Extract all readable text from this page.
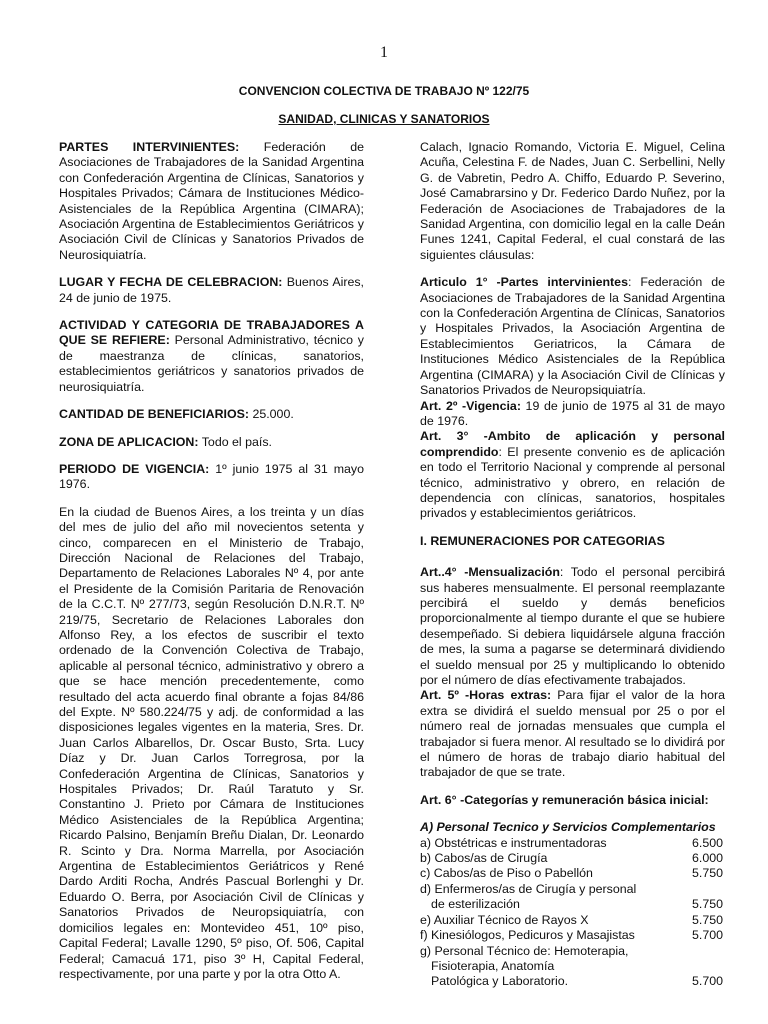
1
CONVENCION COLECTIVA DE TRABAJO Nº 122/75
SANIDAD, CLINICAS Y SANATORIOS

PARTES INTERVINIENTES: Federación de Asociaciones de Trabajadores de la Sanidad Argentina con Confederación Argentina de Clínicas, Sanatorios y Hospitales Privados; Cámara de Instituciones Médico-Asistenciales de la República Argentina (CIMARA); Asociación Argentina de Establecimientos Geriátricos y Asociación Civil de Clínicas y Sanatorios Privados de Neurosiquiatría.

LUGAR Y FECHA DE CELEBRACION: Buenos Aires, 24 de junio de 1975.

ACTIVIDAD Y CATEGORIA DE TRABAJADORES A QUE SE REFIERE: Personal Administrativo, técnico y de maestranza de clínicas, sanatorios, establecimientos geriátricos y sanatorios privados de neurosiquiatría.

CANTIDAD DE BENEFICIARIOS: 25.000.

ZONA DE APLICACION: Todo el país.

PERIODO DE VIGENCIA: 1º junio 1975 al 31 mayo 1976.

En la ciudad de Buenos Aires, a los treinta y un días del mes de julio del año mil novecientos setenta y cinco, comparecen en el Ministerio de Trabajo, Dirección Nacional de Relaciones del Trabajo, Departamento de Relaciones Laborales Nº 4, por ante el Presidente de la Comisión Paritaria de Renovación de la C.C.T. Nº 277/73, según Resolución D.N.R.T. Nº 219/75, Secretario de Relaciones Laborales don Alfonso Rey, a los efectos de suscribir el texto ordenado de la Convención Colectiva de Trabajo, aplicable al personal técnico, administrativo y obrero a que se hace mención precedentemente, como resultado del acta acuerdo final obrante a fojas 84/86 del Expte. Nº 580.224/75 y adj. de conformidad a las disposiciones legales vigentes en la materia, Sres. Dr. Juan Carlos Albarellos, Dr. Oscar Busto, Srta. Lucy Díaz y Dr. Juan Carlos Torregrosa, por la Confederación Argentina de Clínicas, Sanatorios y Hospitales Privados; Dr. Raúl Taratuto y Sr. Constantino J. Prieto por Cámara de Instituciones Médico Asistenciales de la República Argentina; Ricardo Palsino, Benjamín Breñu Dialan, Dr. Leonardo R. Scinto y Dra. Norma Marrella, por Asociación Argentina de Establecimientos Geriátricos y René Dardo Arditi Rocha, Andrés Pascual Borlenghi y Dr. Eduardo O. Berra, por Asociación Civil de Clínicas y Sanatorios Privados de Neuropsiquiatría, con domicilios legales en: Montevideo 451, 10º piso, Capital Federal; Lavalle 1290, 5º piso, Of. 506, Capital Federal; Camacuá 171, piso 3º H, Capital Federal, respectivamente, por una parte y por la otra Otto A.

Calach, Ignacio Romando, Victoria E. Miguel, Celina Acuña, Celestina F. de Nades, Juan C. Serbellini, Nelly G. de Vabretin, Pedro A. Chiffo, Eduardo P. Severino, José Camabrarsino y Dr. Federico Dardo Nuñez, por la Federación de Asociaciones de Trabajadores de la Sanidad Argentina, con domicilio legal en la calle Deán Funes 1241, Capital Federal, el cual constará de las siguientes cláusulas:

Articulo 1° -Partes intervinientes: Federación de Asociaciones de Trabajadores de la Sanidad Argentina con la Confederación Argentina de Clínicas, Sanatorios y Hospitales Privados, la Asociación Argentina de Establecimientos Geriatricos, la Cámara de Instituciones Médico Asistenciales de la República Argentina (CIMARA) y la Asociación Civil de Clínicas y Sanatorios Privados de Neuropsiquiatría.

Art. 2º -Vigencia: 19 de junio de 1975 al 31 de mayo de 1976.

Art. 3° -Ambito de aplicación y personal comprendido: El presente convenio es de aplicación en todo el Territorio Nacional y comprende al personal técnico, administrativo y obrero, en relación de dependencia con clínicas, sanatorios, hospitales privados y establecimientos geriátricos.

I. REMUNERACIONES POR CATEGORIAS

Art..4° -Mensualización: Todo el personal percibirá sus haberes mensualmente. El personal reemplazante percibirá el sueldo y demás beneficios proporcionalmente al tiempo durante el que se hubiere desempeñado. Si debiera liquidársele alguna fracción de mes, la suma a pagarse se determinará dividiendo el sueldo mensual por 25 y multiplicando lo obtenido por el número de días efectivamente trabajados.

Art. 5º -Horas extras: Para fijar el valor de la hora extra se dividirá el sueldo mensual por 25 o por el número real de jornadas mensuales que cumpla el trabajador si fuera menor. Al resultado se lo dividirá por el número de horas de trabajo diario habitual del trabajador de que se trate.

Art. 6° -Categorías y remuneración básica inicial:

A) Personal Tecnico y Servicios Complementarios
a) Obstétricas e instrumentadoras	6.500
b) Cabos/as de Cirugía	6.000
c) Cabos/as de Piso o Pabellón	5.750
d) Enfermeros/as de Cirugía y personal
de esterilización	5.750
e) Auxiliar Técnico de Rayos X	5.750
f) Kinesiólogos, Pedicuros y Masajistas	5.700
g) Personal Técnico de: Hemoterapia,
Fisioterapia, Anatomía
Patológica y Laboratorio.	5.700
